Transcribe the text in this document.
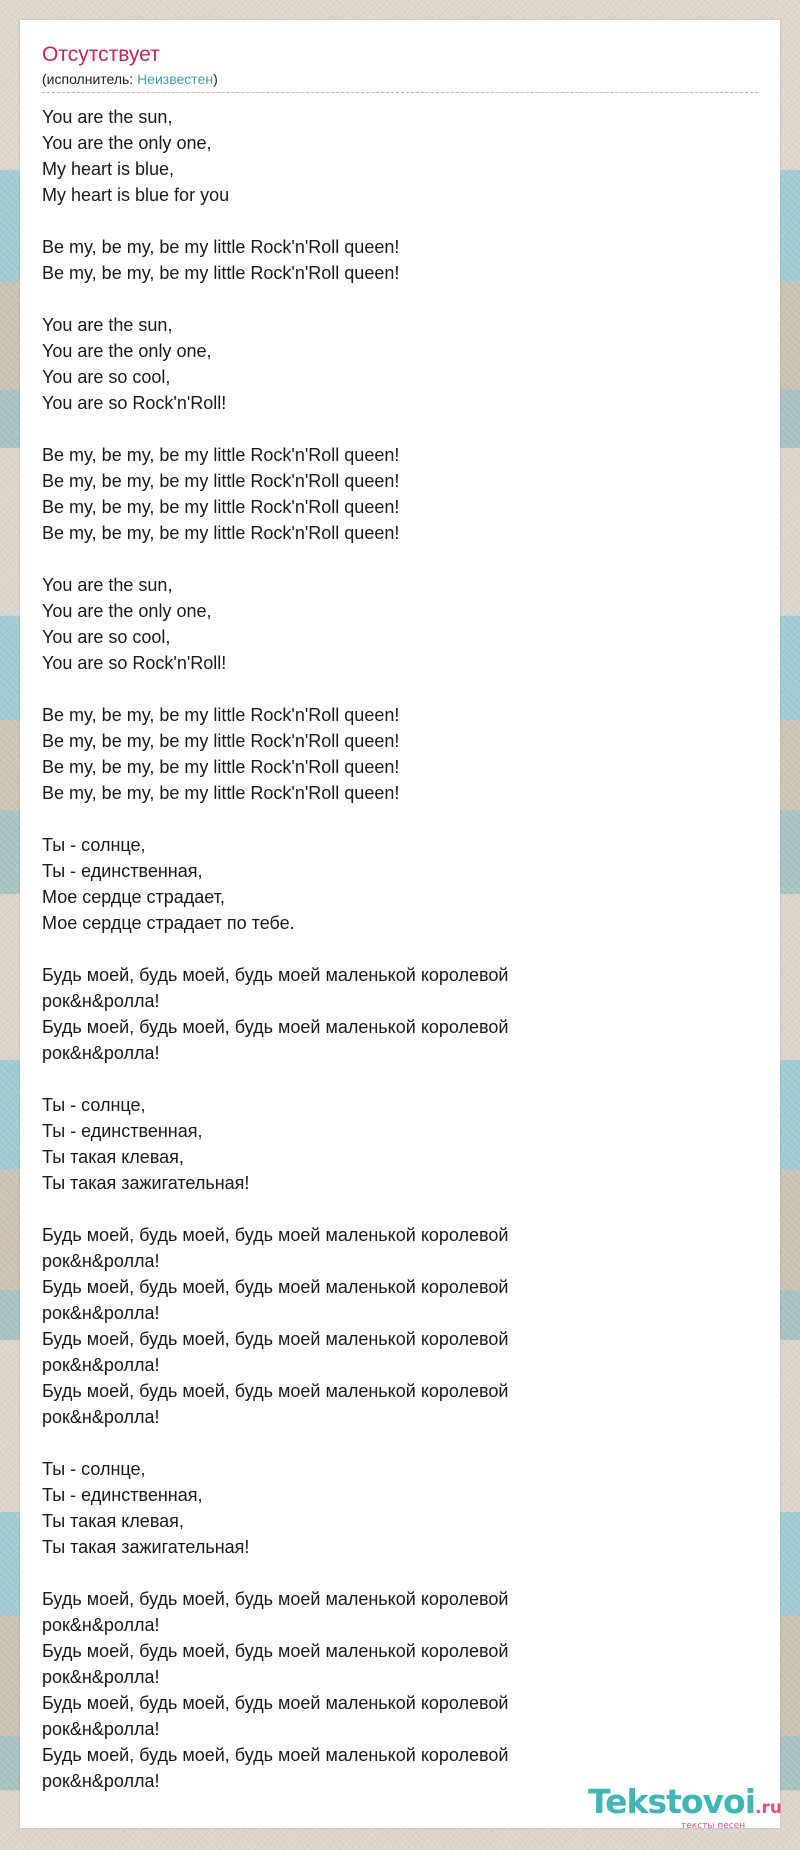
Отсутствует
(исполнитель: Неизвестен)
You are the sun,
You are the only one,
My heart is blue,
My heart is blue for you
Be my, be my, be my little Rock'n'Roll queen!
Be my, be my, be my little Rock'n'Roll queen!
You are the sun,
You are the only one,
You are so cool,
You are so Rock'n'Roll!
Be my, be my, be my little Rock'n'Roll queen!
Be my, be my, be my little Rock'n'Roll queen!
Be my, be my, be my little Rock'n'Roll queen!
Be my, be my, be my little Rock'n'Roll queen!
You are the sun,
You are the only one,
You are so cool,
You are so Rock'n'Roll!
Be my, be my, be my little Rock'n'Roll queen!
Be my, be my, be my little Rock'n'Roll queen!
Be my, be my, be my little Rock'n'Roll queen!
Be my, be my, be my little Rock'n'Roll queen!
Ты - солнце,
Ты - единственная,
Мое сердце страдает,
Мое сердце страдает по тебе.
Будь моей, будь моей, будь моей маленькой королевой
рок&н&ролла!
Будь моей, будь моей, будь моей маленькой королевой
рок&н&ролла!
Ты - солнце,
Ты - единственная,
Ты такая клевая,
Ты такая зажигательная!
Будь моей, будь моей, будь моей маленькой королевой
рок&н&ролла!
Будь моей, будь моей, будь моей маленькой королевой
рок&н&ролла!
Будь моей, будь моей, будь моей маленькой королевой
рок&н&ролла!
Будь моей, будь моей, будь моей маленькой королевой
рок&н&ролла!
Ты - солнце,
Ты - единственная,
Ты такая клевая,
Ты такая зажигательная!
Будь моей, будь моей, будь моей маленькой королевой
рок&н&ролла!
Будь моей, будь моей, будь моей маленькой королевой
рок&н&ролла!
Будь моей, будь моей, будь моей маленькой королевой
рок&н&ролла!
Будь моей, будь моей, будь моей маленькой королевой
рок&н&ролла!
Tekstovoi.ru
тексты песен
